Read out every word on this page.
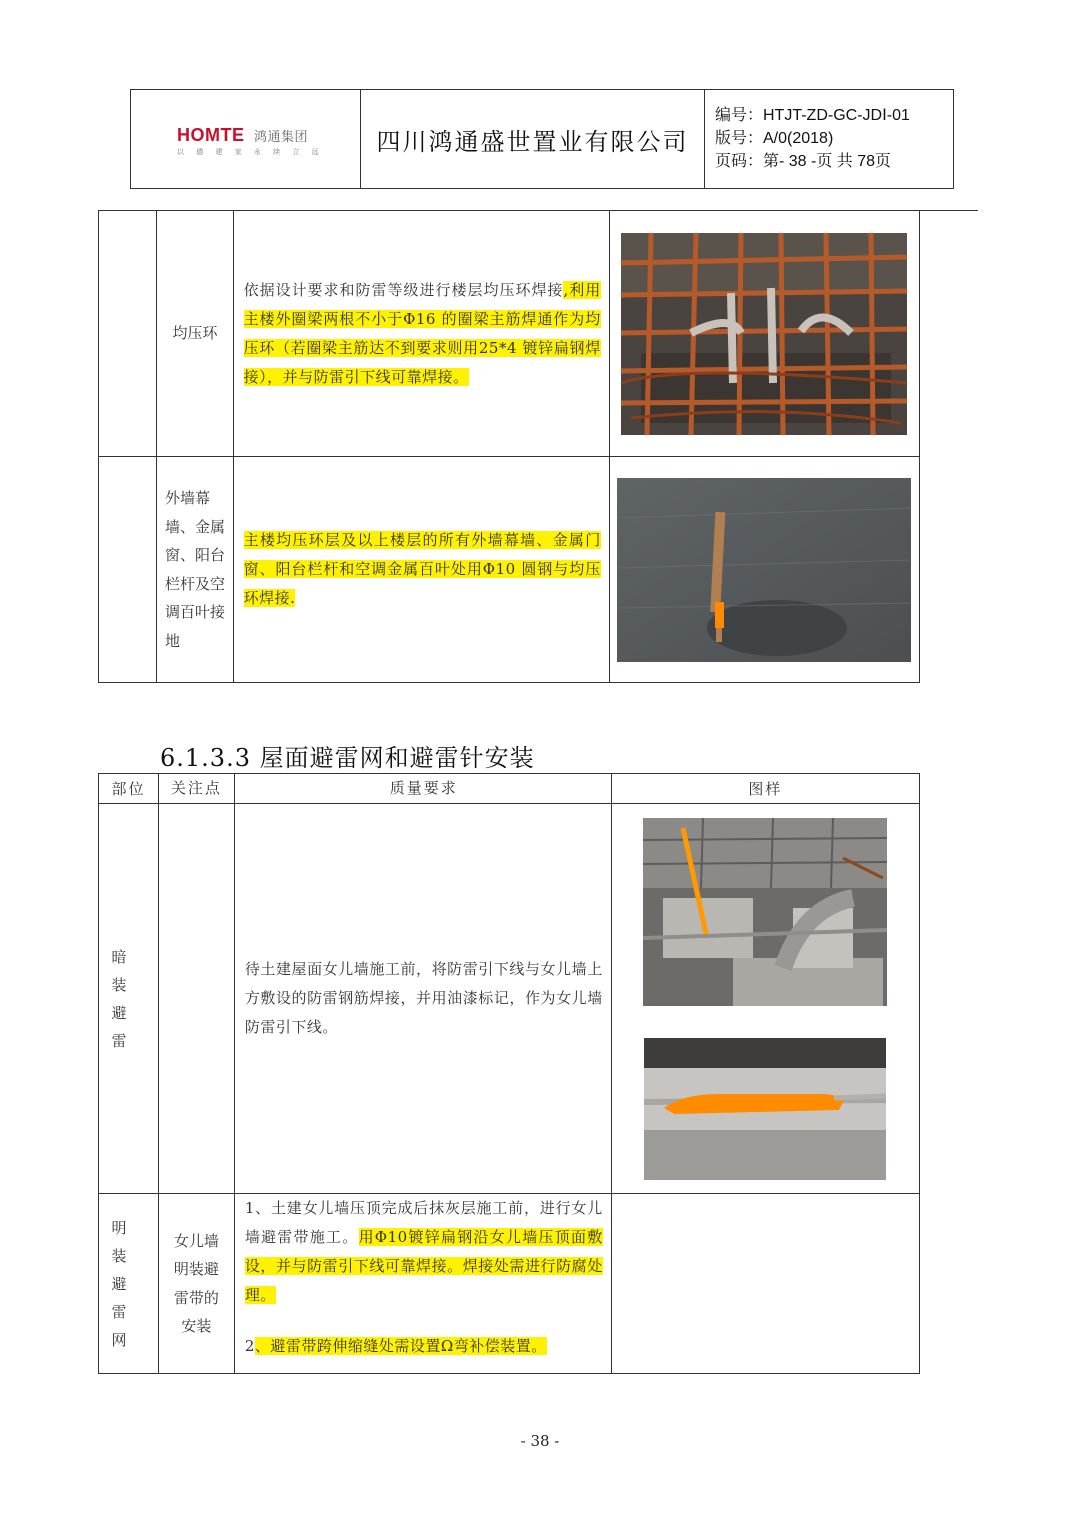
HOMTE 鸿通集团
以 德 建 家 永 续 立 远	四川鸿通盛世置业有限公司
编号：HTJT-ZD-GC-JDⅠ-01
版号：A/0(2018)
页码：第- 38 -页 共 78页
	均压环	依据设计要求和防雷等级进行楼层均压环焊接,利用主楼外圈梁两根不小于Φ16 的圈梁主筋焊通作为均压环（若圈梁主筋达不到要求则用25*4 镀锌扁钢焊接），并与防雷引下线可靠焊接。	

	外墙幕墙、金属窗、阳台栏杆及空调百叶接地	主楼均压环层及以上楼层的所有外墙幕墙、金属门窗、阳台栏杆和空调金属百叶处用Φ10 圆钢与均压环焊接.	
6.1.3.3 屋面避雷网和避雷针安装
部位	关注点	质量要求	图样

暗装避雷		待土建屋面女儿墙施工前，将防雷引下线与女儿墙上方敷设的防雷钢筋焊接，并用油漆标记，作为女儿墙防雷引下线。	

明装避雷网	女儿墙明装避雷带的安装	1、土建女儿墙压顶完成后抹灰层施工前，进行女儿墙避雷带施工。用Φ10镀锌扁钢沿女儿墙压顶面敷设，并与防雷引下线可靠焊接。焊接处需进行防腐处理。
2、避雷带跨伸缩缝处需设置Ω弯补偿装置。	

- 38 -
